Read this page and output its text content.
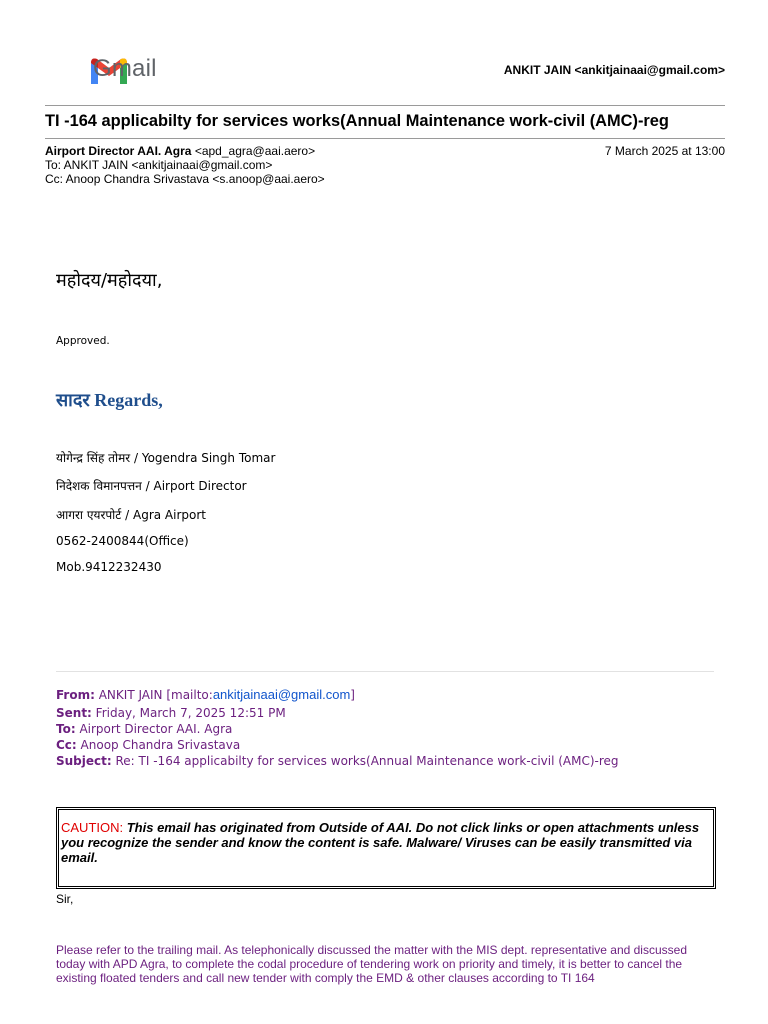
Gmail	ANKIT JAIN <ankitjainaai@gmail.com>
TI -164 applicabilty for services works(Annual Maintenance work-civil (AMC)-reg
Airport Director AAI. Agra <apd_agra@aai.aero>
To: ANKIT JAIN <ankitjainaai@gmail.com>
Cc: Anoop Chandra Srivastava <s.anoop@aai.aero>
7 March 2025 at 13:00
महोदय/महोदया,
Approved.
सादर Regards,
योगेन्द्र सिंह तोमर / Yogendra Singh Tomar
निदेशक विमानपत्तन / Airport Director
आगरा एयरपोर्ट / Agra Airport
0562-2400844(Office)
Mob.9412232430
From: ANKIT JAIN [mailto:ankitjainaai@gmail.com]
Sent: Friday, March 7, 2025 12:51 PM
To: Airport Director AAI. Agra
Cc: Anoop Chandra Srivastava
Subject: Re: TI -164 applicabilty for services works(Annual Maintenance work-civil (AMC)-reg
CAUTION: This email has originated from Outside of AAI. Do not click links or open attachments unless you recognize the sender and know the content is safe. Malware/ Viruses can be easily transmitted via email.
Sir,
Please refer to the trailing mail. As telephonically discussed the matter with the MIS dept. representative and discussed today with APD Agra, to complete the codal procedure of tendering work on priority and timely, it is better to cancel the existing floated tenders and call new tender with comply the EMD & other clauses according to TI 164
